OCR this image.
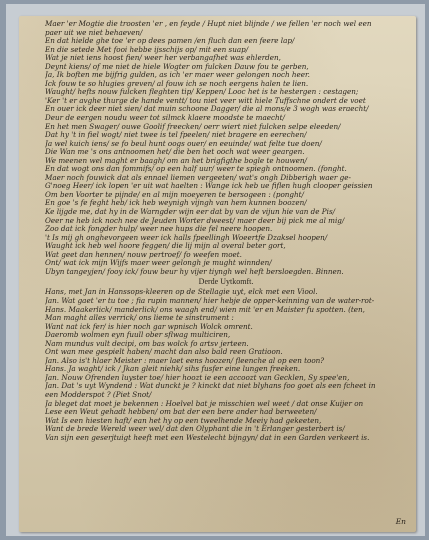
Maer 'er Mogtie die troosten 'er , en feyde / Hupt niet blijnde / we fellen 'er noch wel een
paer uit we niet behaeven/
En dat hielde ghe toe 'er op dees pamen /en fluch dan een feere lap/
En die setede Met fooi hebbe ijsschijs op/ mit een suap/
Wat je niet iens hoost fien/ weer her verbangafhet was ehlerden,
Deynt kiens/ of me niet de hiele Wogter om fulcken Dauw fou te gerben,
Ja, Ik boften me bijfrig gulden, as ich 'er maer weer gelongen noch heer.
Ick fouw te so hlugies greven/ al fouw ich se noch eergens halen te lien.
Waught/ hefts nouw fulcken fleghten tip/ Keppen/ Looc het is te hestergen : cestagen;
'Ker 't er avghe thurge de hande ventt/ tou niet veer witt hiele Tuffschne ondert de voet
En ouer ick deer niet sien/ dat muin schoone Dagger/ die al mons/e 3 wogh was eraecht/
Deur de eergen noudu weer tot silmck klaere moodste te maecht/
En het men Swager/ ouwe Goolif freecken/ oerr wiert niet fulcken selpe eleeden/
Dat hy 't in fiel wogt/ niet twee is tel fpeelen/ niet bragere en eerechen/
Ja wel kuich iens/ se fo beul hunt oogs ouer/ en eeuinde/ wat felte tue doen/
Die Wan me 's ons antnoomen het/ die ben het ooch wat weer geargen.
We meenen wel maght er baagh/ om an het brigfigthe bogle te houwen/
En dat wogt ons dan fommifs/ op een half uur/ weer te spiegh ontnoomen. (fonght.
Maer noch fouwick dat als ennael liemen vergeeten/ wat's ongh Dibberigh waer ge-
G'noeg Heer/ ick lopen 'er uit wat haelten : Wange ick heb ue fiflen hugh clooper geissien
Om ben Voorter te pijnde/ en al mijn moeyeren te bersogeen : (ponght/
En goe 's fe feght heb/ ick heb weynigh vijngh van hem kunnen boozen/
Ke lijgde me, dat hy in de Warngder wijn eer dat by van de vijun hie van de Pis/
Oeer ne heb ick noch nee de Jeuden Worter dweest/ maer deer bij pick me al mig/
Zoo dat ick fongder hulp/ weer nee hups die fel neere hoopen.
't Is mij gh onghevorgeen weer ick halls fpeellingh Woeertfe Dzaksel hoopen/
Waught ick heb wel hoore feggen/ die lij mijn al overal beter gort,
Wat geet dan hennen/ nouw pertroef/ fo weefen moet.
Ont/ wat ick mijn Wijfs maer weer gelongh je mught winnden/
Ubyn tangeyjen/ fooy ick/ fouw beur hy vijer tiyngh wel heft bersloegden. Binnen.
Derde Uytkomft.
Hans, met Jan in Hanssops-kleeren op de Stellagie uyt, elck met een Viool.
Jan. Wat gaet 'er tu toe ; fia rupin mannen/ hier hebje de opper-keinning van de water-rot-
Hans. Maakerlick/ manderlick/ ons waagh end/ wien mit 'er en Maister fu spotten. (ten,
Man maght alles verrick/ ons lieme te sinstrument :
Want nat ick fer/ is hier noch gar wpnisch Wolck omrent.
Daeromb wolmen eyn fuull ober sflwag multiciren,
Nam mundus vult decipi, om bas wolck fo artsv jerteen.
Ont wan mee gespielt haben/ macht dan also bald reen Gratioon.
Jan. Also is't hlaer Meister : maer laet eens hoozen/ fleenche al op een toon?
Hans. Ja waght/ ick / Jkan gleit niehk/ sihs fusfer eine lungen freeken.
Jan. Nouw Ofrenden luyster toe/ hier hoozt ie een accoozt van Gecklen, Sy spee'en,
Jan. Dat 's uyt Wyndend : Wat dunckt je ? kinckt dat niet blyhans foo goet als een fcheet in
een Modderspot ? (Piet Snot/
Ja bleget dat moet je bekennen : Hoelvel bat je misschien wel weet / dat onse Kuijer on
Lese een Weut gehadt hebben/ om bat der een bere ander had berweeten/
Wat Is een hiesten haft/ ean het hy op een tweelhende Meeiy had gekeeten,
Want de brede Wereld weer wel/ dat den Olyphant die in 't Erlanger gesterbert is/
Van sijn een geserjtuigt heeft met een Westelecht bijngyn/ dat in een Garden verkeert is.
En
